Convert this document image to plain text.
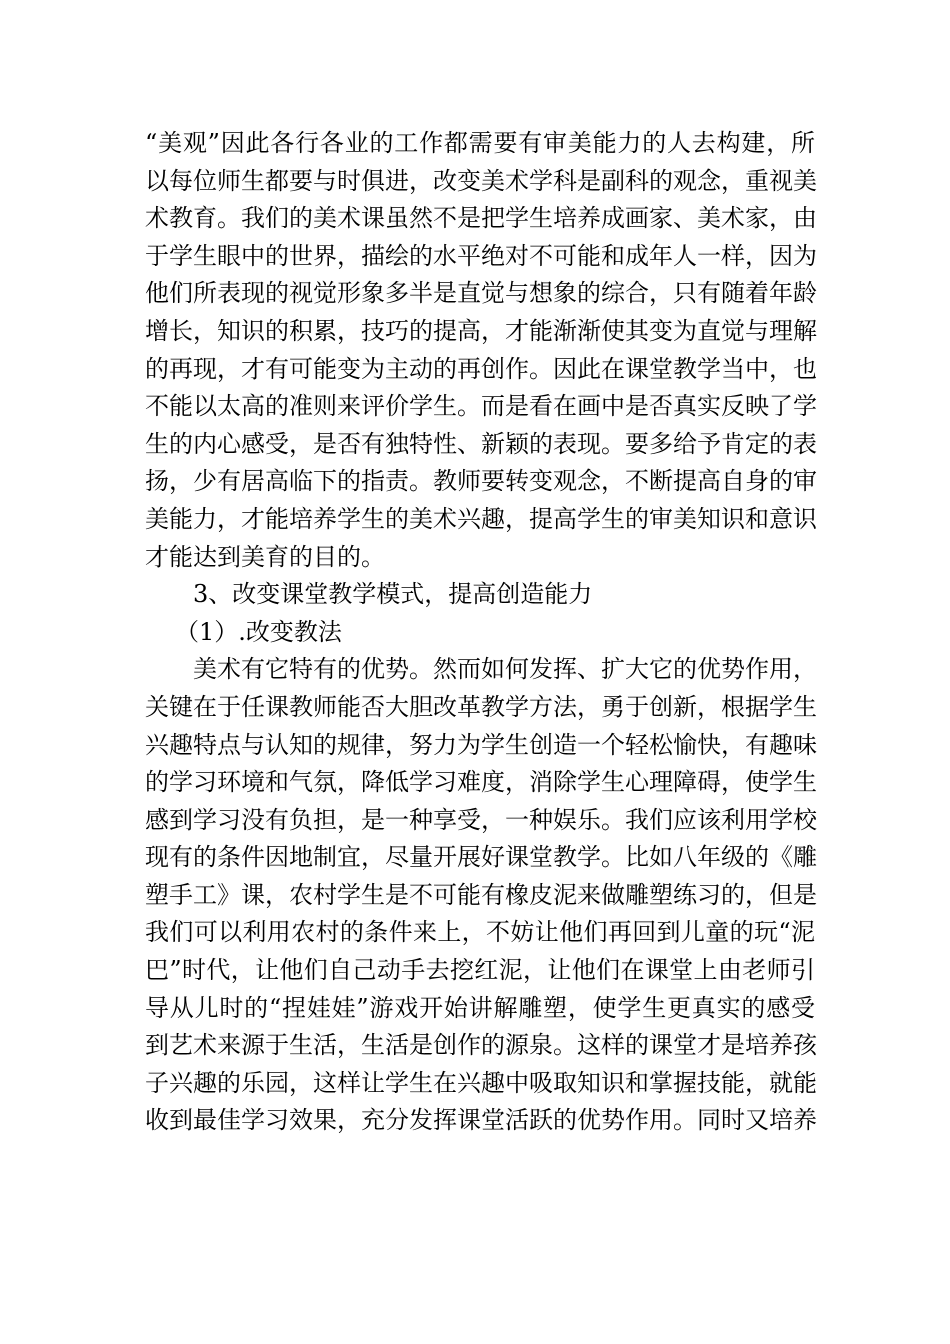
“美观”因此各行各业的工作都需要有审美能力的人去构建，所
以每位师生都要与时俱进，改变美术学科是副科的观念，重视美
术教育。我们的美术课虽然不是把学生培养成画家、美术家，由
于学生眼中的世界，描绘的水平绝对不可能和成年人一样，因为
他们所表现的视觉形象多半是直觉与想象的综合，只有随着年龄
增长，知识的积累，技巧的提高，才能渐渐使其变为直觉与理解
的再现，才有可能变为主动的再创作。因此在课堂教学当中，也
不能以太高的准则来评价学生。而是看在画中是否真实反映了学
生的内心感受，是否有独特性、新颖的表现。要多给予肯定的表
扬，少有居高临下的指责。教师要转变观念，不断提高自身的审
美能力，才能培养学生的美术兴趣，提高学生的审美知识和意识
才能达到美育的目的。
3、改变课堂教学模式，提高创造能力
（1）.改变教法
美术有它特有的优势。然而如何发挥、扩大它的优势作用，
关键在于任课教师能否大胆改革教学方法，勇于创新，根据学生
兴趣特点与认知的规律，努力为学生创造一个轻松愉快，有趣味
的学习环境和气氛，降低学习难度，消除学生心理障碍，使学生
感到学习没有负担，是一种享受，一种娱乐。我们应该利用学校
现有的条件因地制宜，尽量开展好课堂教学。比如八年级的《雕
塑手工》课，农村学生是不可能有橡皮泥来做雕塑练习的，但是
我们可以利用农村的条件来上，不妨让他们再回到儿童的玩“泥
巴”时代，让他们自己动手去挖红泥，让他们在课堂上由老师引
导从儿时的“捏娃娃”游戏开始讲解雕塑，使学生更真实的感受
到艺术来源于生活，生活是创作的源泉。这样的课堂才是培养孩
子兴趣的乐园，这样让学生在兴趣中吸取知识和掌握技能，就能
收到最佳学习效果，充分发挥课堂活跃的优势作用。同时又培养
